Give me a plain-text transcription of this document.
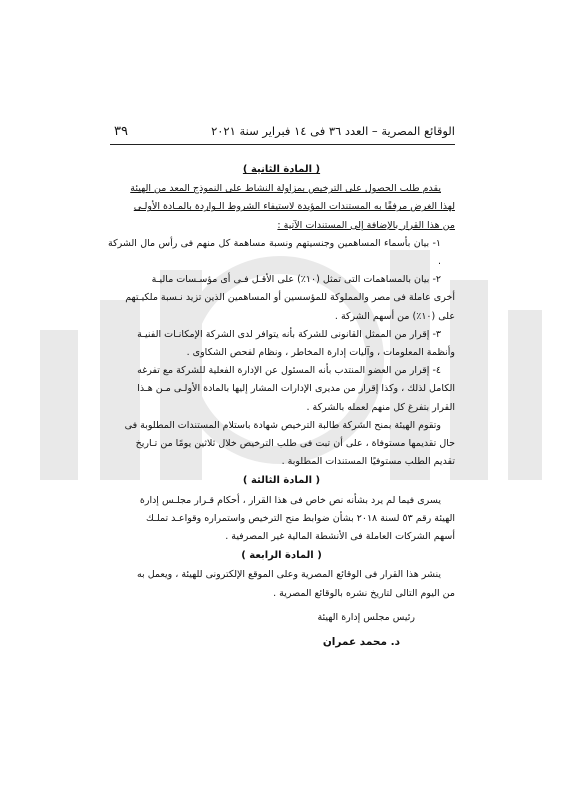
٣٩	الوقائع المصرية – العدد ٣٦ فى ١٤ فبراير سنة ٢٠٢١
( المادة الثانية )

يقدم طلب الحصول على الترخيص بمزاولة النشاط على النموذج المعد من الهيئة

لهذا الغرض مرفقًا به المستندات المؤيدة لاستيفاء الشروط الـواردة بالمـادة الأولـى

من هذا القرار بالإضافة إلى المستندات الآتية :

١- بيان بأسماء المساهمين وجنسيتهم ونسبة مساهمة كل منهم فى رأس مال الشركة .

٢- بيان بالمساهمات التى تمثل (١٠٪) على الأقـل فـى أى مؤسـسات ماليـة

أخرى عاملة فى مصر والمملوكة للمؤسسين أو المساهمين الذين تزيد نـسبة ملكيـتهم

على (١٠٪) من أسهم الشركة .

٣- إقرار من الممثل القانونى للشركة بأنه يتوافر لدى الشركة الإمكانـات الفنيـة

وأنظمة المعلومات ، وآليات إدارة المخاطر ، ونظام لفحص الشكاوى .

٤- إقرار من العضو المنتدب بأنه المسئول عن الإدارة الفعلية للشركة مع تفرغه

الكامل لذلك ، وكذا إقرار من مديرى الإدارات المشار إليها بالمادة الأولـى مـن هـذا

القرار بتفرغ كل منهم لعمله بالشركة .

وتقوم الهيئة بمنح الشركة طالبة الترخيص شهادة باستلام المستندات المطلوبة فى

حال تقديمها مستوفاة ، على أن تبت فى طلب الترخيص خلال ثلاثين يومًا من تـاريخ

تقديم الطلب مستوفيًا المستندات المطلوبة .

( المادة الثالثة )

يسرى فيما لم يرد بشأنه نص خاص فى هذا القرار ، أحكام قـرار مجلـس إدارة

الهيئة رقم ٥٣ لسنة ٢٠١٨ بشأن ضوابط منح الترخيص واستمراره وقواعـد تملـك

أسهم الشركات العاملة فى الأنشطة المالية غير المصرفية .

( المادة الرابعة )

ينشر هذا القرار فى الوقائع المصرية وعلى الموقع الإلكترونى للهيئة ، ويعمل به

من اليوم التالى لتاريخ نشره بالوقائع المصرية .

رئيس مجلس إدارة الهيئة
د. محمد عمران
